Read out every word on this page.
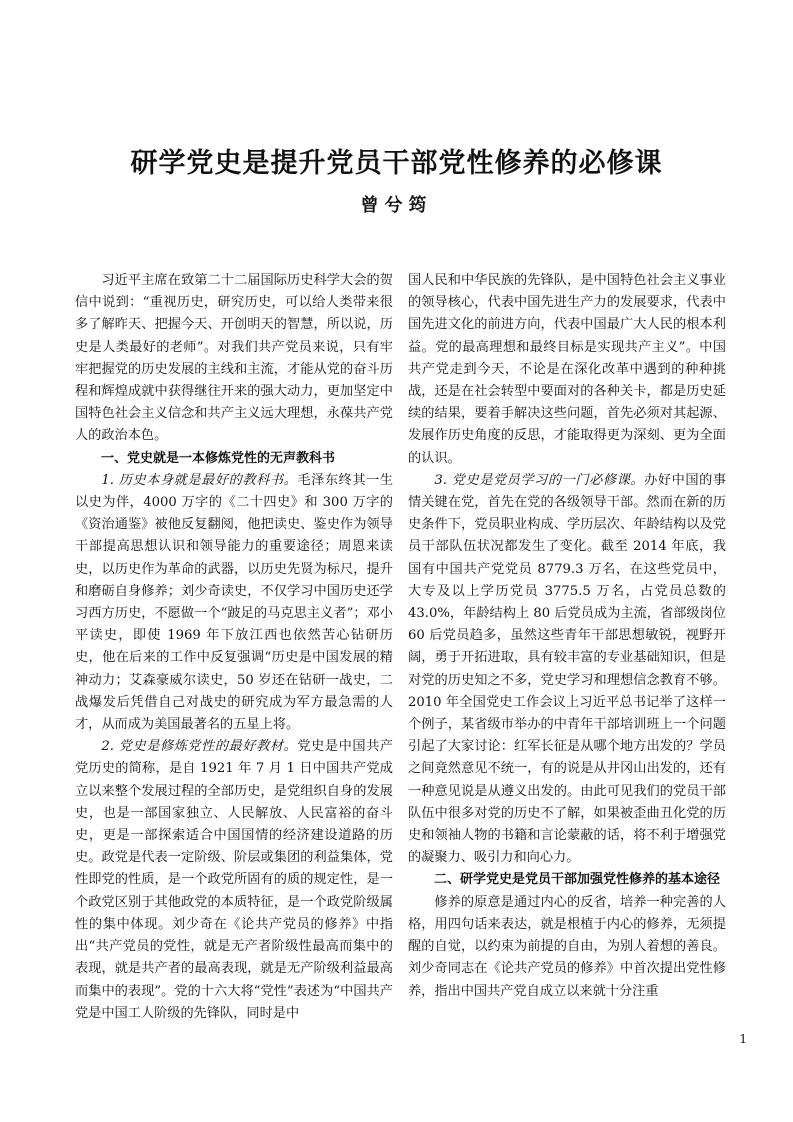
研学党史是提升党员干部党性修养的必修课
曾兮筠

习近平主席在致第二十二届国际历史科学大会的贺信中说到：“重视历史，研究历史，可以给人类带来很多了解昨天、把握今天、开创明天的智慧，所以说，历史是人类最好的老师”。对我们共产党员来说，只有牢牢把握党的历史发展的主线和主流，才能从党的奋斗历程和辉煌成就中获得继往开来的强大动力，更加坚定中国特色社会主义信念和共产主义远大理想，永葆共产党人的政治本色。

一、党史就是一本修炼党性的无声教科书

1. 历史本身就是最好的教科书。毛泽东终其一生以史为伴，4000 万字的《二十四史》和 300 万字的《资治通鉴》被他反复翻阅，他把读史、鉴史作为领导干部提高思想认识和领导能力的重要途径；周恩来读史，以历史作为革命的武器，以历史先贤为标尺，提升和磨砺自身修养；刘少奇读史，不仅学习中国历史还学习西方历史，不愿做一个“跛足的马克思主义者”；邓小平读史，即使 1969 年下放江西也依然苦心钻研历史，他在后来的工作中反复强调“历史是中国发展的精神动力；艾森豪威尔读史，50 岁还在钻研一战史，二战爆发后凭借自己对战史的研究成为军方最急需的人才，从而成为美国最著名的五星上将。

2. 党史是修炼党性的最好教材。党史是中国共产党历史的简称，是自 1921 年 7 月 1 日中国共产党成立以来整个发展过程的全部历史，是党组织自身的发展史，也是一部国家独立、人民解放、人民富裕的奋斗史，更是一部探索适合中国国情的经济建设道路的历史。政党是代表一定阶级、阶层或集团的利益集体，党性即党的性质，是一个政党所固有的质的规定性，是一个政党区别于其他政党的本质特征，是一个政党阶级属性的集中体现。刘少奇在《论共产党员的修养》中指出“共产党员的党性，就是无产者阶级性最高而集中的表现，就是共产者的最高表现，就是无产阶级利益最高而集中的表现”。党的十六大将“党性”表述为“中国共产党是中国工人阶级的先锋队，同时是中

国人民和中华民族的先锋队，是中国特色社会主义事业的领导核心，代表中国先进生产力的发展要求，代表中国先进文化的前进方向，代表中国最广大人民的根本利益。党的最高理想和最终目标是实现共产主义”。中国共产党走到今天，不论是在深化改革中遇到的种种挑战，还是在社会转型中要面对的各种关卡，都是历史延续的结果，要着手解决这些问题，首先必须对其起源、发展作历史角度的反思，才能取得更为深刻、更为全面的认识。

3. 党史是党员学习的一门必修课。办好中国的事情关键在党，首先在党的各级领导干部。然而在新的历史条件下，党员职业构成、学历层次、年龄结构以及党员干部队伍状况都发生了变化。截至 2014 年底，我国有中国共产党党员 8779.3 万名，在这些党员中，大专及以上学历党员 3775.5 万名，占党员总数的 43.0%，年龄结构上 80 后党员成为主流，省部级岗位 60 后党员趋多，虽然这些青年干部思想敏锐，视野开阔，勇于开拓进取，具有较丰富的专业基础知识，但是对党的历史知之不多，党史学习和理想信念教育不够。2010 年全国党史工作会议上习近平总书记举了这样一个例子，某省级市举办的中青年干部培训班上一个问题引起了大家讨论：红军长征是从哪个地方出发的？学员之间竟然意见不统一，有的说是从井冈山出发的，还有一种意见说是从遵义出发的。由此可见我们的党员干部队伍中很多对党的历史不了解，如果被歪曲丑化党的历史和领袖人物的书籍和言论蒙蔽的话，将不利于增强党的凝聚力、吸引力和向心力。

二、研学党史是党员干部加强党性修养的基本途径

修养的原意是通过内心的反省，培养一种完善的人格，用四句话来表达，就是根植于内心的修养，无须提醒的自觉，以约束为前提的自由，为别人着想的善良。刘少奇同志在《论共产党员的修养》中首次提出党性修养，指出中国共产党自成立以来就十分注重

1
